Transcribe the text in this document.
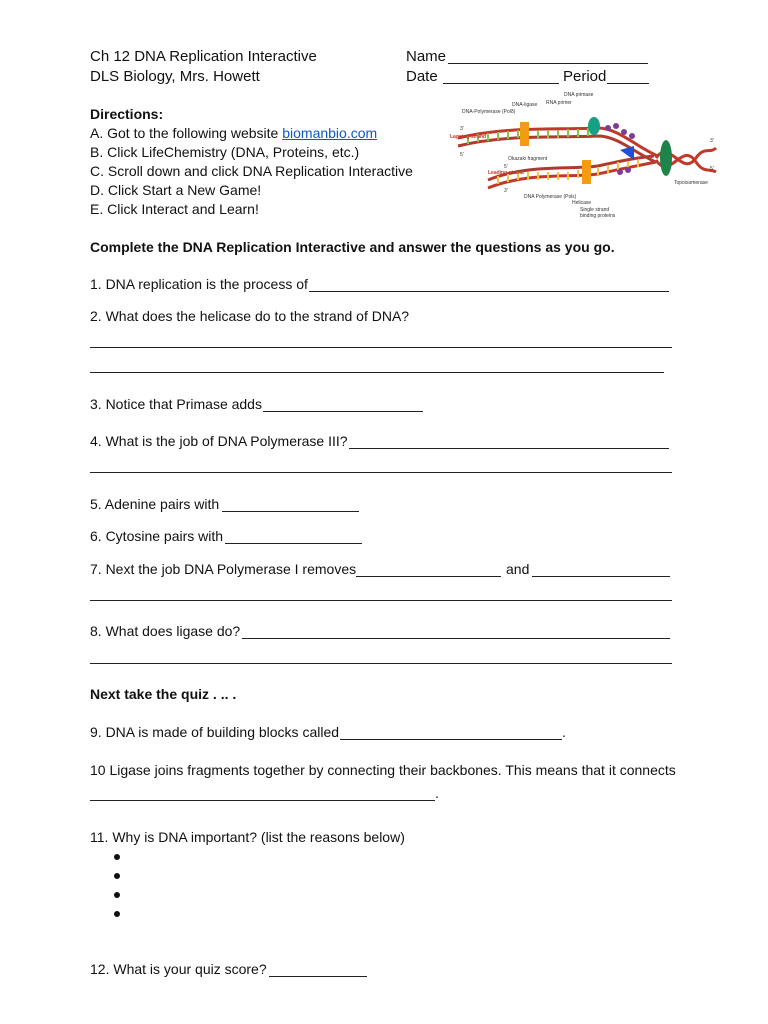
Ch 12 DNA Replication Interactive
DLS Biology, Mrs. Howett
Name
Date	Period
Directions:
A. Got to the following website biomanbio.com
B. Click LifeChemistry (DNA, Proteins, etc.)
C. Scroll down and click DNA Replication Interactive
D. Click Start a New Game!
E. Click Interact and Learn!
DNA primase
RNA primer
DNA-ligase
DNA-Polymerase (Polδ)
Lagging strand
Okazaki fragment
Leading strand
DNA Polymerase (Polε)
Helicase
Single strand
binding proteins
Topoisomerase
3'
5'
5'
3'
3'
5'
Complete the DNA Replication Interactive and answer the questions as you go.
1. DNA replication is the process of
2. What does the helicase do to the strand of DNA?
3. Notice that Primase adds
4. What is the job of DNA Polymerase III?
5. Adenine pairs with
6. Cytosine pairs with
7. Next the job DNA Polymerase I removes	and
8. What does ligase do?
Next take the quiz . .. .
9. DNA is made of building blocks called	.
10 Ligase joins fragments together by connecting their backbones. This means that it connects
.
11. Why is DNA important? (list the reasons below)
12. What is your quiz score?
